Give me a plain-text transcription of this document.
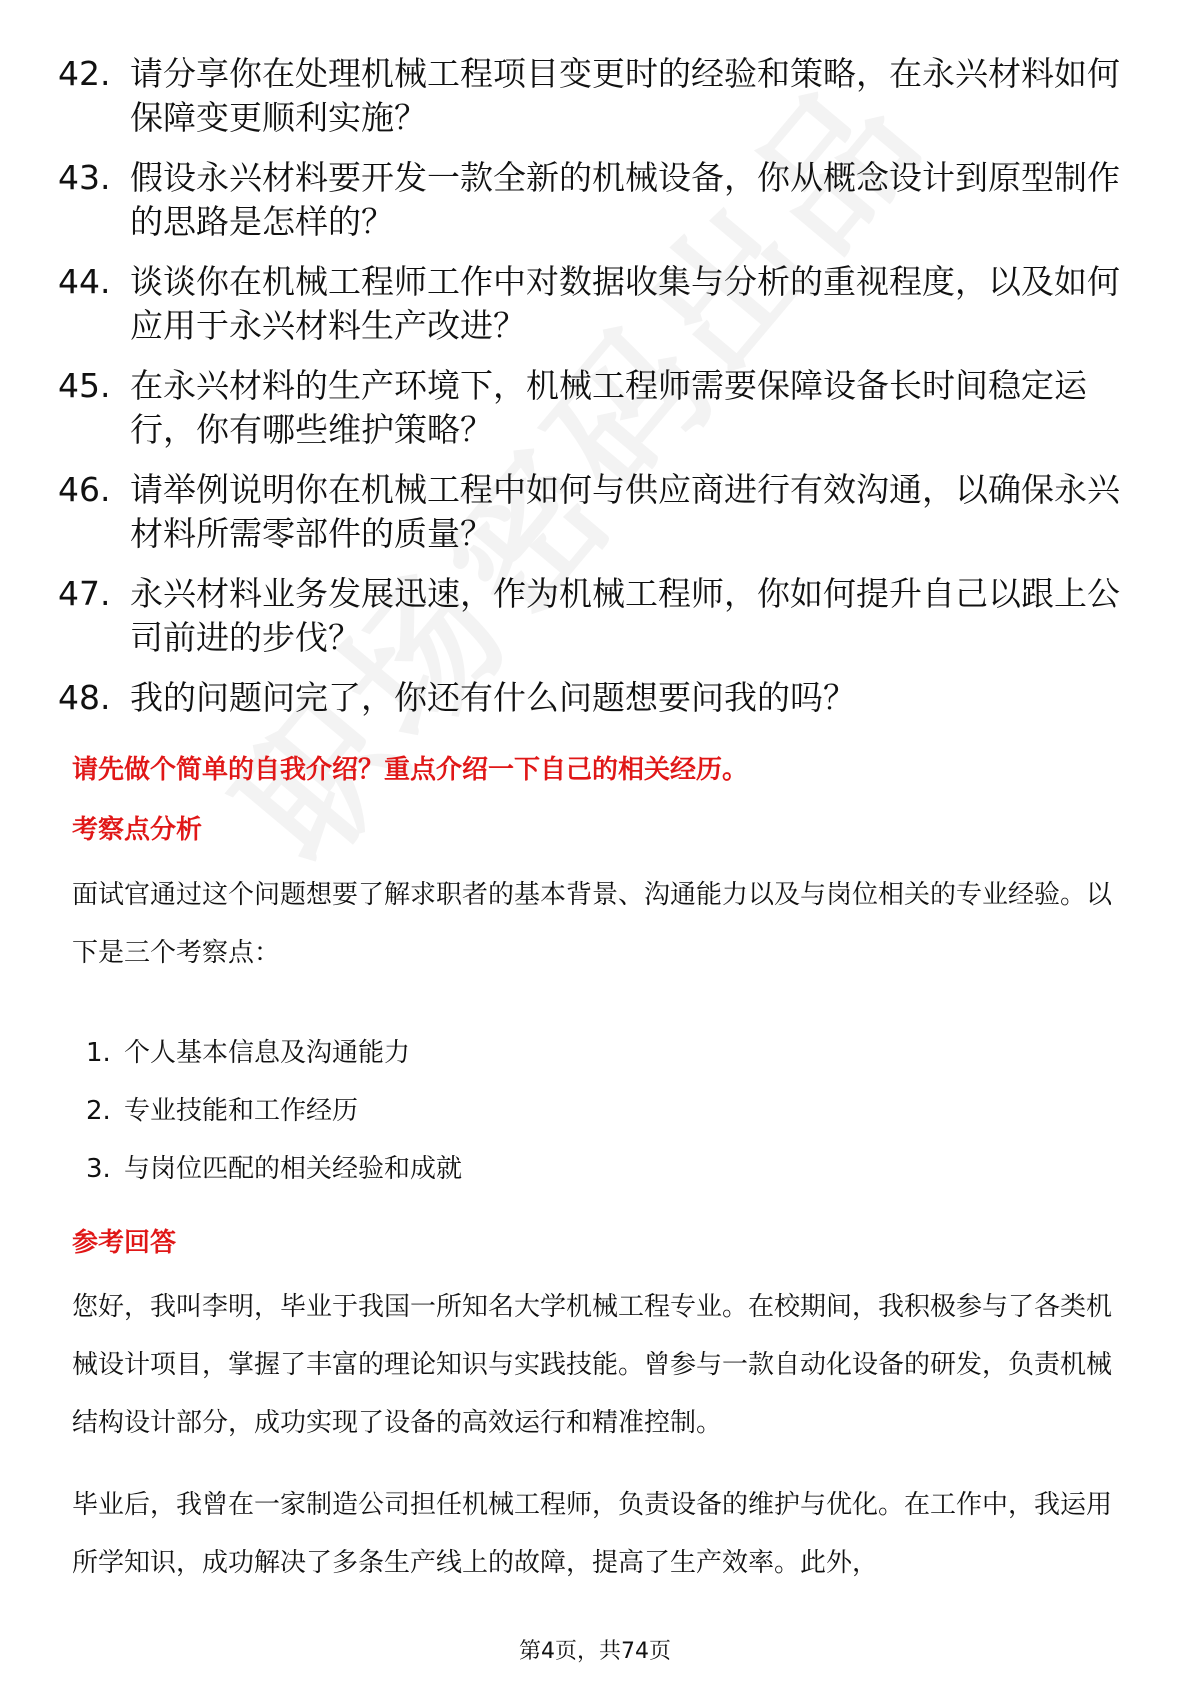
42. 请分享你在处理机械工程项目变更时的经验和策略，在永兴材料如何保障变更顺利实施？
43. 假设永兴材料要开发一款全新的机械设备，你从概念设计到原型制作的思路是怎样的？
44. 谈谈你在机械工程师工作中对数据收集与分析的重视程度，以及如何应用于永兴材料生产改进？
45. 在永兴材料的生产环境下，机械工程师需要保障设备长时间稳定运行，你有哪些维护策略？
46. 请举例说明你在机械工程中如何与供应商进行有效沟通，以确保永兴材料所需零部件的质量？
47. 永兴材料业务发展迅速，作为机械工程师，你如何提升自己以跟上公司前进的步伐？
48. 我的问题问完了，你还有什么问题想要问我的吗？
请先做个简单的自我介绍？重点介绍一下自己的相关经历。
考察点分析
面试官通过这个问题想要了解求职者的基本背景、沟通能力以及与岗位相关的专业经验。以下是三个考察点：
1. 个人基本信息及沟通能力
2. 专业技能和工作经历
3. 与岗位匹配的相关经验和成就
参考回答
您好，我叫李明，毕业于我国一所知名大学机械工程专业。在校期间，我积极参与了各类机械设计项目，掌握了丰富的理论知识与实践技能。曾参与一款自动化设备的研发，负责机械结构设计部分，成功实现了设备的高效运行和精准控制。
毕业后，我曾在一家制造公司担任机械工程师，负责设备的维护与优化。在工作中，我运用所学知识，成功解决了多条生产线上的故障，提高了生产效率。此外，
第4页，共74页
